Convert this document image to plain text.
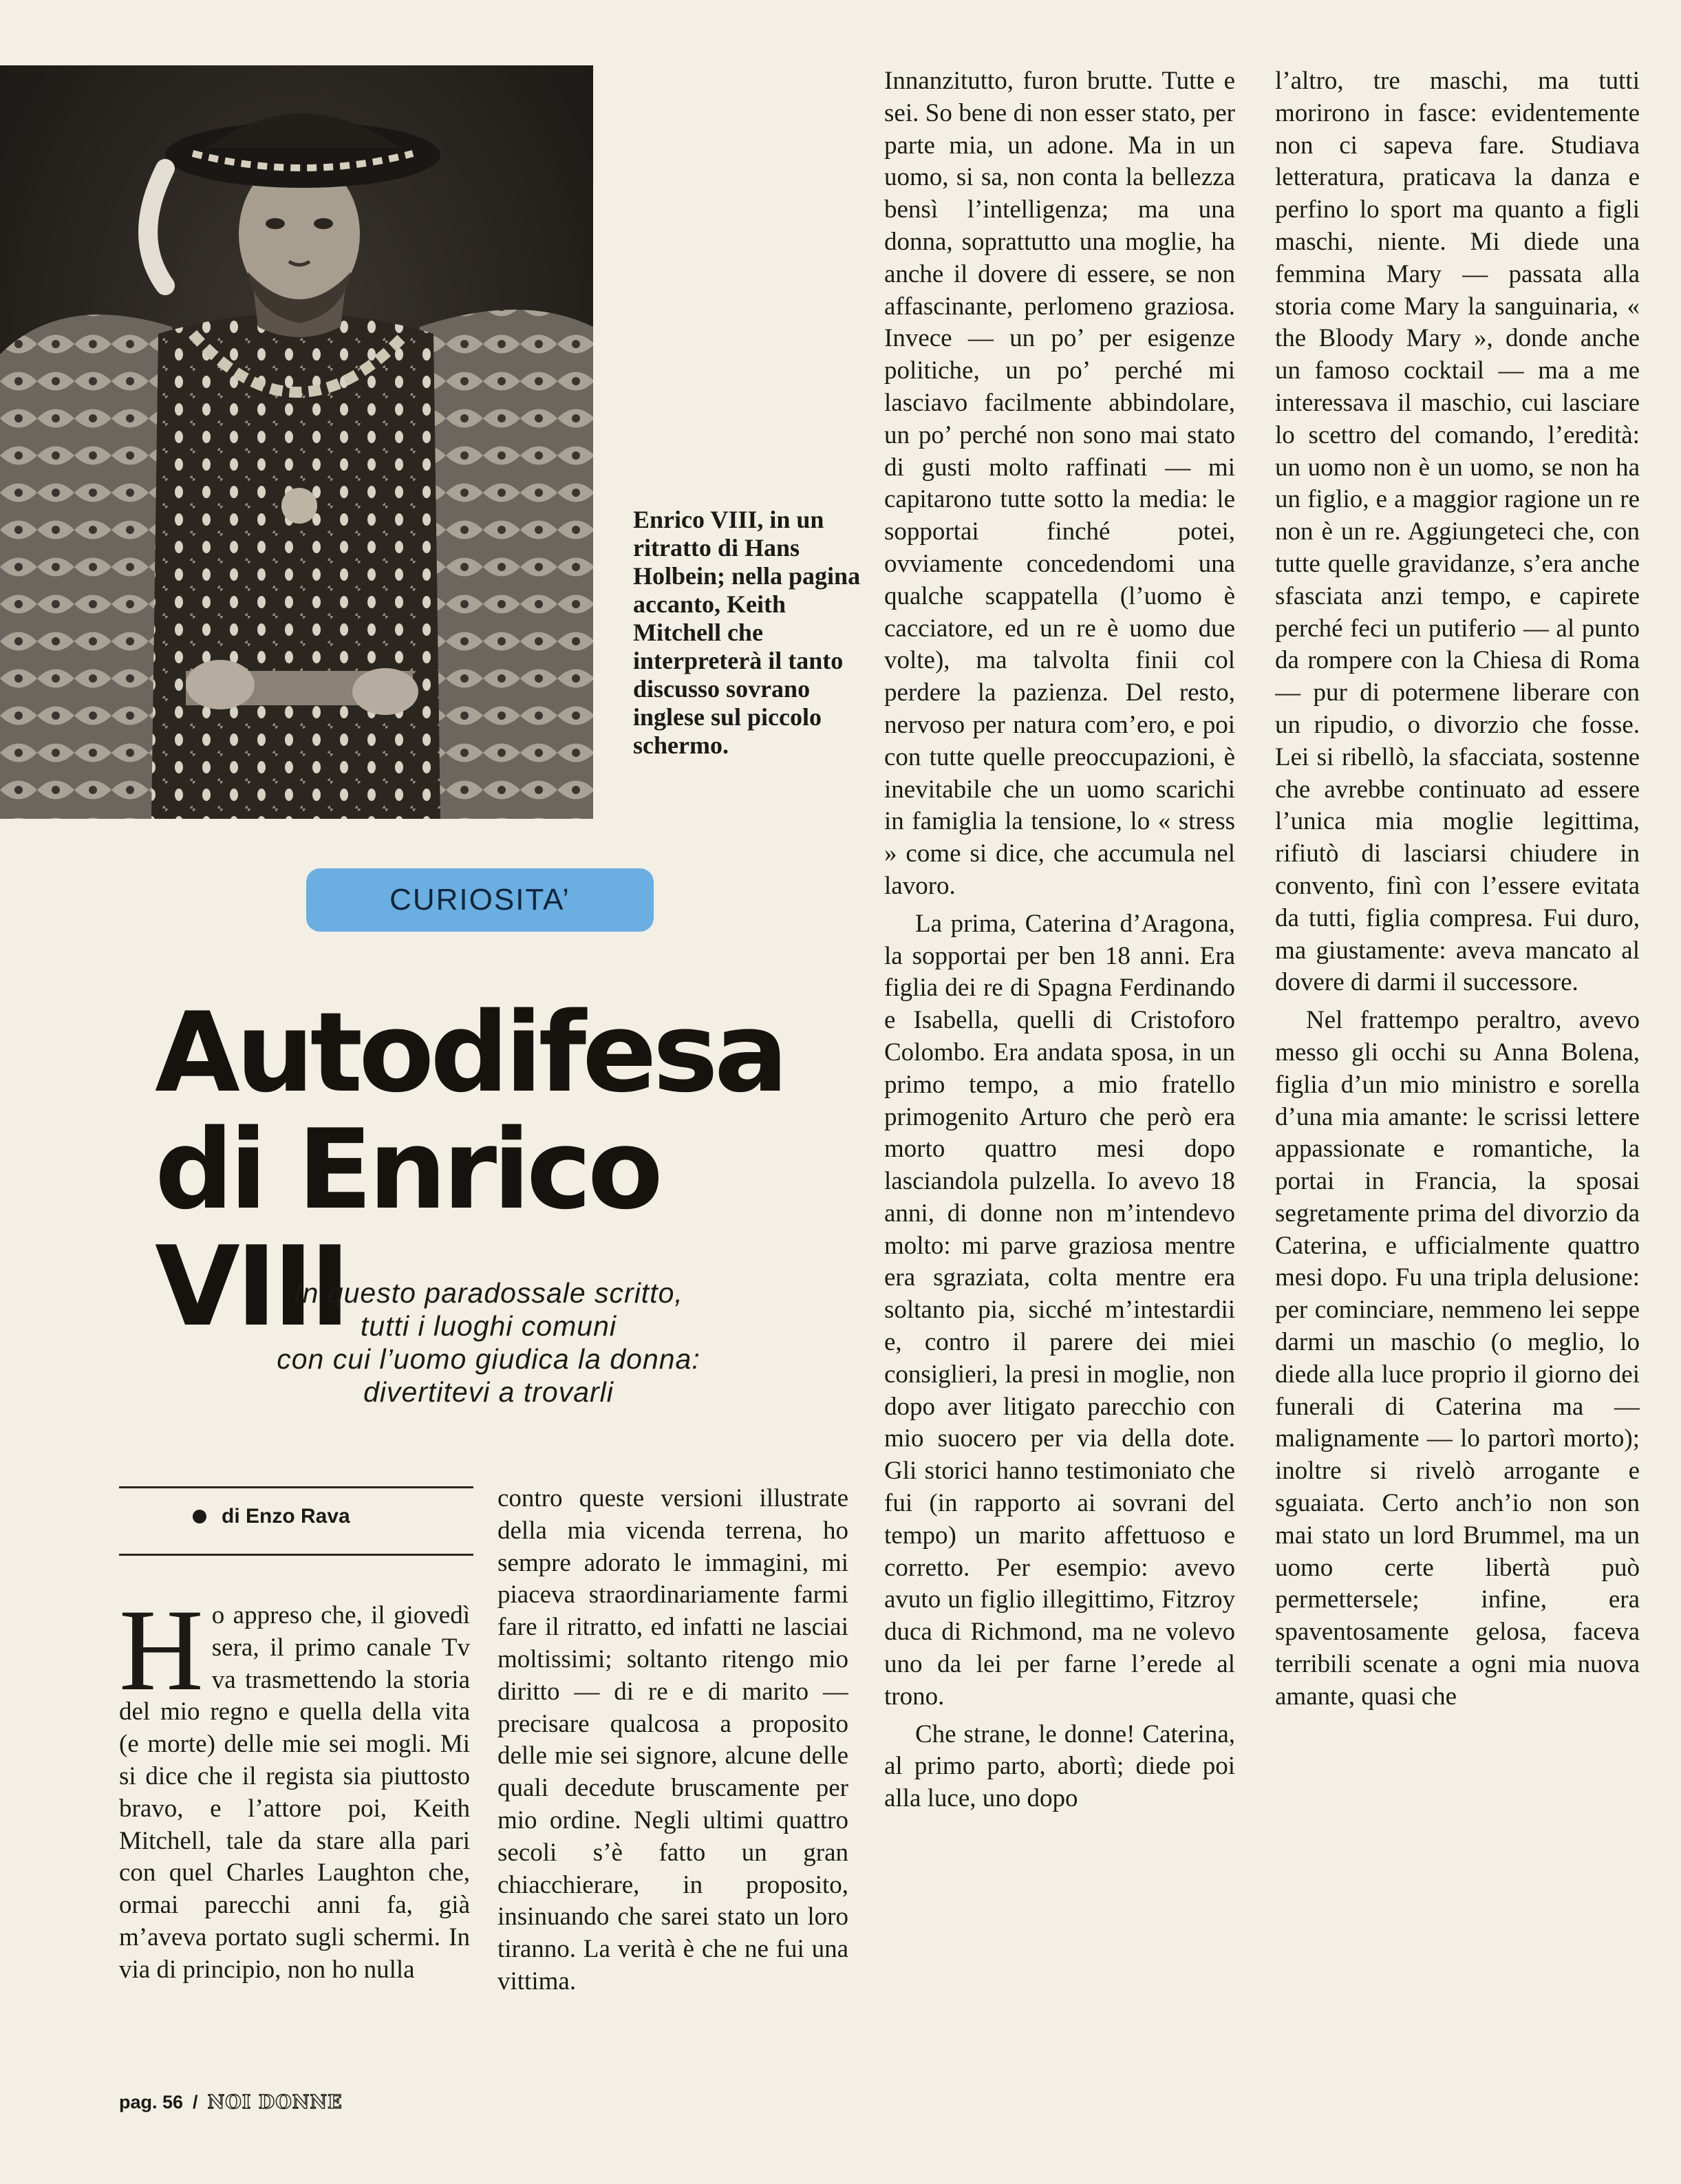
Enrico VIII, in un ritratto di Hans Holbein; nella pagina accanto, Keith Mitchell che interpreterà il tanto discusso sovrano inglese sul piccolo schermo.
CURIOSITA’
Autodifesa
di Enrico VIII
In questo paradossale scritto,
tutti i luoghi comuni
con cui l’uomo giudica la donna:
divertitevi a trovarli
di Enzo Rava

Ho appreso che, il giovedì sera, il primo canale Tv va trasmettendo la storia del mio regno e quella della vita (e morte) delle mie sei mogli. Mi si dice che il regista sia piuttosto bravo, e l’attore poi, Keith Mitchell, tale da stare alla pari con quel Charles Laughton che, ormai parecchi anni fa, già m’aveva portato sugli schermi. In via di principio, non ho nulla

contro queste versioni illustrate della mia vicenda terrena, ho sempre adorato le immagini, mi piaceva straordinariamente farmi fare il ritratto, ed infatti ne lasciai moltissimi; soltanto ritengo mio diritto — di re e di marito — precisare qualcosa a proposito delle mie sei signore, alcune delle quali decedute bruscamente per mio ordine. Negli ultimi quattro secoli s’è fatto un gran chiacchierare, in proposito, insinuando che sarei stato un loro tiranno. La verità è che ne fui una vittima.

Innanzitutto, furon brutte. Tutte e sei. So bene di non esser stato, per parte mia, un adone. Ma in un uomo, si sa, non conta la bellezza bensì l’intelligenza; ma una donna, soprattutto una moglie, ha anche il dovere di essere, se non affascinante, perlomeno graziosa. Invece — un po’ per esigenze politiche, un po’ perché mi lasciavo facilmente abbindolare, un po’ perché non sono mai stato di gusti molto raffinati — mi capitarono tutte sotto la media: le sopportai finché potei, ovviamente concedendomi una qualche scappatella (l’uomo è cacciatore, ed un re è uomo due volte), ma talvolta finii col perdere la pazienza. Del resto, nervoso per natura com’ero, e poi con tutte quelle preoccupazioni, è inevitabile che un uomo scarichi in famiglia la tensione, lo « stress » come si dice, che accumula nel lavoro.

La prima, Caterina d’Aragona, la sopportai per ben 18 anni. Era figlia dei re di Spagna Ferdinando e Isabella, quelli di Cristoforo Colombo. Era andata sposa, in un primo tempo, a mio fratello primogenito Arturo che però era morto quattro mesi dopo lasciandola pulzella. Io avevo 18 anni, di donne non m’intendevo molto: mi parve graziosa mentre era sgraziata, colta mentre era soltanto pia, sicché m’intestardii e, contro il parere dei miei consiglieri, la presi in moglie, non dopo aver litigato parecchio con mio suocero per via della dote. Gli storici hanno testimoniato che fui (in rapporto ai sovrani del tempo) un marito affettuoso e corretto. Per esempio: avevo avuto un figlio illegittimo, Fitzroy duca di Richmond, ma ne volevo uno da lei per farne l’erede al trono.

Che strane, le donne! Caterina, al primo parto, abortì; diede poi alla luce, uno dopo

l’altro, tre maschi, ma tutti morirono in fasce: evidentemente non ci sapeva fare. Studiava letteratura, praticava la danza e perfino lo sport ma quanto a figli maschi, niente. Mi diede una femmina Mary — passata alla storia come Mary la sanguinaria, « the Bloody Mary », donde anche un famoso cocktail — ma a me interessava il maschio, cui lasciare lo scettro del comando, l’eredità: un uomo non è un uomo, se non ha un figlio, e a maggior ragione un re non è un re. Aggiungeteci che, con tutte quelle gravidanze, s’era anche sfasciata anzi tempo, e capirete perché feci un putiferio — al punto da rompere con la Chiesa di Roma — pur di potermene liberare con un ripudio, o divorzio che fosse. Lei si ribellò, la sfacciata, sostenne che avrebbe continuato ad essere l’unica mia moglie legittima, rifiutò di lasciarsi chiudere in convento, finì con l’essere evitata da tutti, figlia compresa. Fui duro, ma giustamente: aveva mancato al dovere di darmi il successore.

Nel frattempo peraltro, avevo messo gli occhi su Anna Bolena, figlia d’un mio ministro e sorella d’una mia amante: le scrissi lettere appassionate e romantiche, la portai in Francia, la sposai segretamente prima del divorzio da Caterina, e ufficialmente quattro mesi dopo. Fu una tripla delusione: per cominciare, nemmeno lei seppe darmi un maschio (o meglio, lo diede alla luce proprio il giorno dei funerali di Caterina ma — malignamente — lo partorì morto); inoltre si rivelò arrogante e sguaiata. Certo anch’io non son mai stato un lord Brummel, ma un uomo certe libertà può permettersele; infine, era spaventosamente gelosa, faceva terribili scenate a ogni mia nuova amante, quasi che

pag. 56 / NOI DONNE
